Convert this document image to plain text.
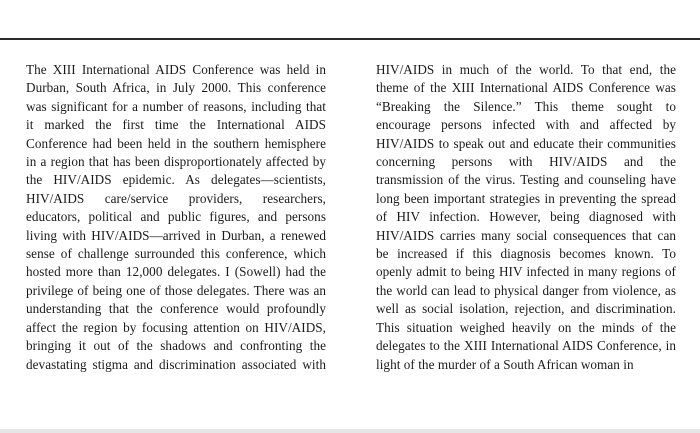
The XIII International AIDS Conference was held in
Durban, South Africa, in July 2000. This conference
was significant for a number of reasons, including that
it marked the first time the International AIDS
Conference had been held in the southern hemisphere
in a region that has been disproportionately affected by
the HIV/AIDS epidemic. As delegates—scientists,
HIV/AIDS care/service providers, researchers,
educators, political and public figures, and persons
living with HIV/AIDS—arrived in Durban, a renewed
sense of challenge surrounded this conference, which
hosted more than 12,000 delegates. I (Sowell) had the
privilege of being one of those delegates. There was an
understanding that the conference would profoundly
affect the region by focusing attention on HIV/AIDS,
bringing it out of the shadows and confronting the
devastating stigma and discrimination associated with
HIV/AIDS in much of the world. To that end, the
theme of the XIII International AIDS Conference was
“Breaking the Silence.” This theme sought to
encourage persons infected with and affected by
HIV/AIDS to speak out and educate their communities
concerning persons with HIV/AIDS and the
transmission of the virus. Testing and counseling have
long been important strategies in preventing the spread
of HIV infection. However, being diagnosed with
HIV/AIDS carries many social consequences that can
be increased if this diagnosis becomes known. To
openly admit to being HIV infected in many regions of
the world can lead to physical danger from violence, as
well as social isolation, rejection, and discrimination.
This situation weighed heavily on the minds of the
delegates to the XIII International AIDS Conference, in
light of the murder of a South African woman in
